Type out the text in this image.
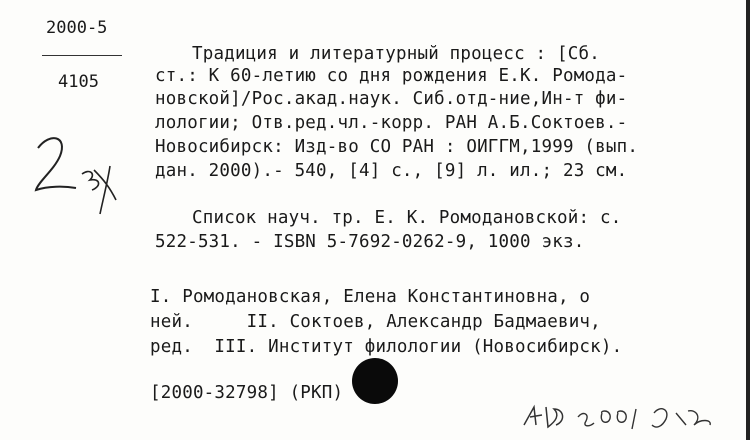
2000-5
4105
Традиция и литературный процесс : [Сб.
ст.: К 60-летию со дня рождения Е.К. Ромода-
новской]/Рос.акад.наук. Сиб.отд-ние,Ин-т фи-
лологии; Отв.ред.чл.-корр. РАН А.Б.Соктоев.-
Новосибирск: Изд-во СО РАН : ОИГГМ,1999 (вып.
дан. 2000).- 540, [4] с., [9] л. ил.; 23 см.
Список науч. тр. Е. К. Ромодановской: с.
522-531. - ISBN 5-7692-0262-9, 1000 экз.
I. Ромодановская, Елена Константиновна, о
ней.     II. Соктоев, Александр Бадмаевич,
ред.  III. Институт филологии (Новосибирск).
[2000-32798] (РКП)
